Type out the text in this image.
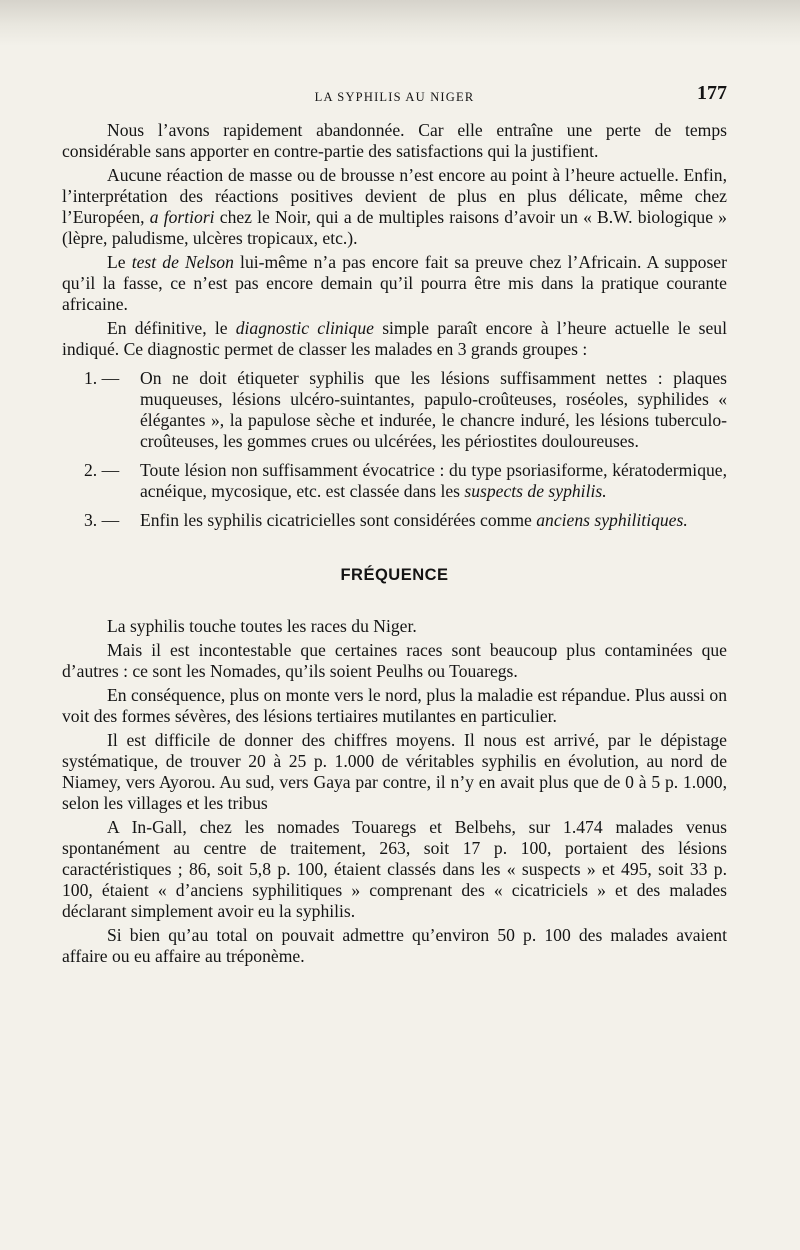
LA SYPHILIS AU NIGER	177

Nous l’avons rapidement abandonnée. Car elle entraîne une perte de temps considérable sans apporter en contre-partie des satisfactions qui la justifient.

Aucune réaction de masse ou de brousse n’est encore au point à l’heure actuelle. Enfin, l’interprétation des réactions positives devient de plus en plus délicate, même chez l’Européen, a fortiori chez le Noir, qui a de multiples raisons d’avoir un « B.W. biologique » (lèpre, paludisme, ulcères tropicaux, etc.).

Le test de Nelson lui-même n’a pas encore fait sa preuve chez l’Africain. A supposer qu’il la fasse, ce n’est pas encore demain qu’il pourra être mis dans la pratique courante africaine.

En définitive, le diagnostic clinique simple paraît encore à l’heure actuelle le seul indiqué. Ce diagnostic permet de classer les malades en 3 grands groupes :

1. — On ne doit étiqueter syphilis que les lésions suffisamment nettes : plaques muqueuses, lésions ulcéro-suintantes, papulo-croûteuses, roséoles, syphilides « élégantes », la papulose sèche et indurée, le chancre induré, les lésions tuberculo-croûteuses, les gommes crues ou ulcérées, les périostites douloureuses.
2. — Toute lésion non suffisamment évocatrice : du type psoriasiforme, kératodermique, acnéique, mycosique, etc. est classée dans les suspects de syphilis.
3. — Enfin les syphilis cicatricielles sont considérées comme anciens syphilitiques.
FRÉQUENCE

La syphilis touche toutes les races du Niger.

Mais il est incontestable que certaines races sont beaucoup plus contaminées que d’autres : ce sont les Nomades, qu’ils soient Peulhs ou Touaregs.

En conséquence, plus on monte vers le nord, plus la maladie est répandue. Plus aussi on voit des formes sévères, des lésions tertiaires mutilantes en particulier.

Il est difficile de donner des chiffres moyens. Il nous est arrivé, par le dépistage systématique, de trouver 20 à 25 p. 1.000 de véritables syphilis en évolution, au nord de Niamey, vers Ayorou. Au sud, vers Gaya par contre, il n’y en avait plus que de 0 à 5 p. 1.000, selon les villages et les tribus

A In-Gall, chez les nomades Touaregs et Belbehs, sur 1.474 malades venus spontanément au centre de traitement, 263, soit 17 p. 100, portaient des lésions caractéristiques ; 86, soit 5,8 p. 100, étaient classés dans les « suspects » et 495, soit 33 p. 100, étaient « d’anciens syphilitiques » comprenant des « cicatriciels » et des malades déclarant simplement avoir eu la syphilis.

Si bien qu’au total on pouvait admettre qu’environ 50 p. 100 des malades avaient affaire ou eu affaire au tréponème.
